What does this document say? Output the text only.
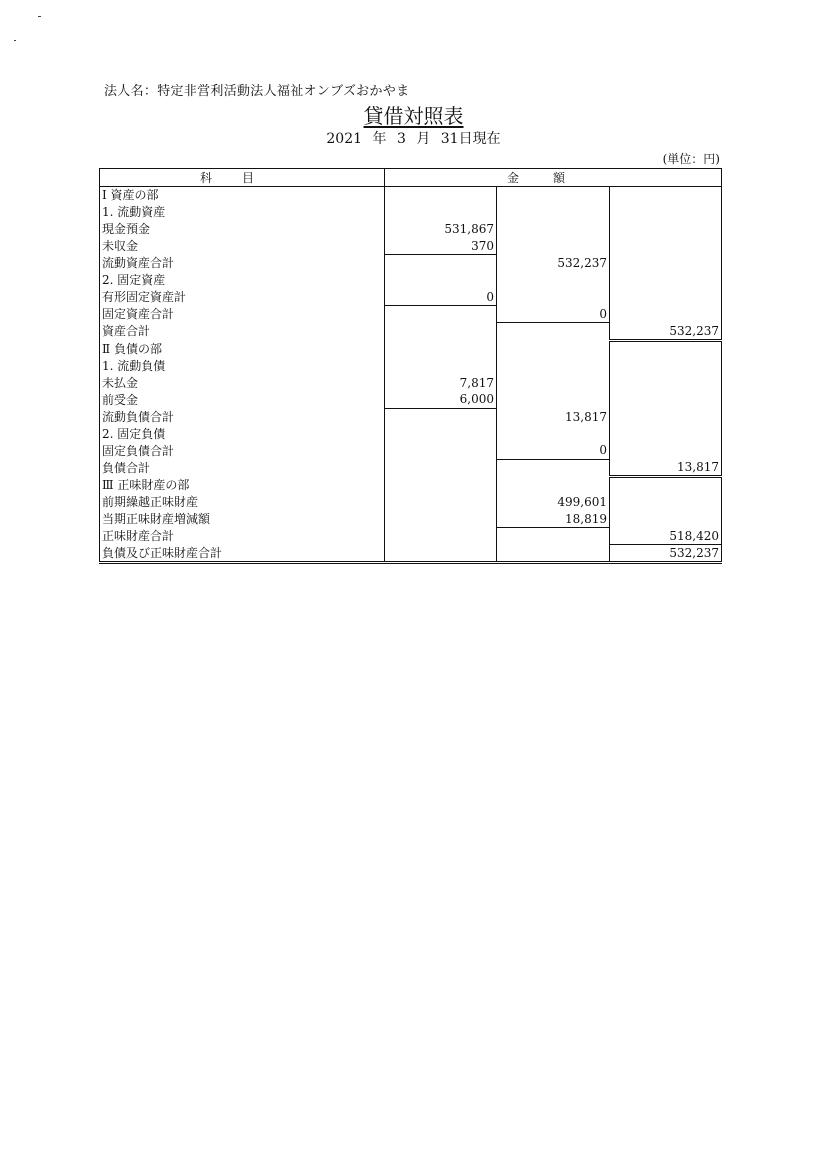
法人名：特定非営利活動法人福祉オンブズおかやま
貸借対照表
2021 年 3 月 31日現在
(単位：円)
科目	金額		
Ⅰ 資産の部			
1. 流動資産			
現金預金	531,867		
未収金	370		
流動資産合計		532,237	
2. 固定資産			
有形固定資産計	0		
固定資産合計		0	
資産合計			532,237
Ⅱ 負債の部			
1. 流動負債			
未払金	7,817		
前受金	6,000		
流動負債合計		13,817	
2. 固定負債			
固定負債合計		0	
負債合計			13,817
Ⅲ 正味財産の部			
前期繰越正味財産		499,601	
当期正味財産増減額		18,819	
正味財産合計			518,420
負債及び正味財産合計			532,237
